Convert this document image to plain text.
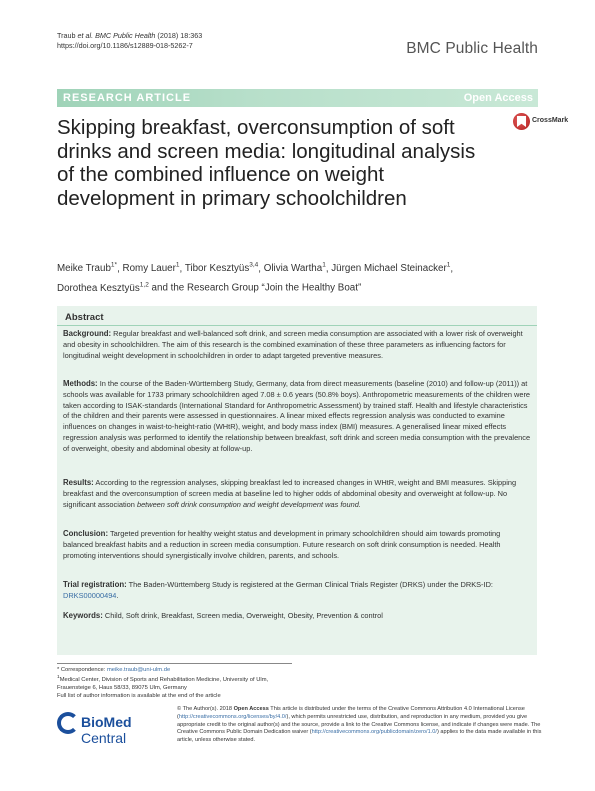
Traub et al. BMC Public Health (2018) 18:363
https://doi.org/10.1186/s12889-018-5262-7	BMC Public Health
RESEARCH ARTICLE	Open Access
Skipping breakfast, overconsumption of soft drinks and screen media: longitudinal analysis of the combined influence on weight development in primary schoolchildren
CrossMark
Meike Traub$^{1*}$, Romy Lauer$^1$, Tibor Kesztyüs$^{3,4}$, Olivia Wartha$^1$, Jürgen Michael Steinacker$^1$,
Dorothea Kesztyüs$^{1,2}$ and the Research Group “Join the Healthy Boat”
Abstract
Background: Regular breakfast and well-balanced soft drink, and screen media consumption are associated with a lower risk of overweight and obesity in schoolchildren. The aim of this research is the combined examination of these three parameters as influencing factors for longitudinal weight development in schoolchildren in order to adapt targeted preventive measures.
Methods: In the course of the Baden-Württemberg Study, Germany, data from direct measurements (baseline (2010) and follow-up (2011)) at schools was available for 1733 primary schoolchildren aged 7.08 ± 0.6 years (50.8% boys). Anthropometric measurements of the children were taken according to ISAK-standards (International Standard for Anthropometric Assessment) by trained staff. Health and lifestyle characteristics of the children and their parents were assessed in questionnaires. A linear mixed effects regression analysis was conducted to examine influences on changes in waist-to-height-ratio (WHtR), weight, and body mass index (BMI) measures. A generalised linear mixed effects regression analysis was performed to identify the relationship between breakfast, soft drink and screen media consumption with the prevalence of overweight, obesity and abdominal obesity at follow-up.
Results: According to the regression analyses, skipping breakfast led to increased changes in WHtR, weight and BMI measures. Skipping breakfast and the overconsumption of screen media at baseline led to higher odds of abdominal obesity and overweight at follow-up. No significant association between soft drink consumption and weight development was found.
Conclusion: Targeted prevention for healthy weight status and development in primary schoolchildren should aim towards promoting balanced breakfast habits and a reduction in screen media consumption. Future research on soft drink consumption is needed. Health promoting interventions should synergistically involve children, parents, and schools.
Trial registration: The Baden-Württemberg Study is registered at the German Clinical Trials Register (DRKS) under the DRKS-ID: DRKS00000494.
Keywords: Child, Soft drink, Breakfast, Screen media, Overweight, Obesity, Prevention & control
* Correspondence: meike.traub@uni-ulm.de
$^1$Medical Center, Division of Sports and Rehabilitation Medicine, University of Ulm, Frauensteige 6, Haus 58/33, 89075 Ulm, Germany
Full list of author information is available at the end of the article
BioMed Central
© The Author(s). 2018 Open Access This article is distributed under the terms of the Creative Commons Attribution 4.0 International License (http://creativecommons.org/licenses/by/4.0/), which permits unrestricted use, distribution, and reproduction in any medium, provided you give appropriate credit to the original author(s) and the source, provide a link to the Creative Commons license, and indicate if changes were made. The Creative Commons Public Domain Dedication waiver (http://creativecommons.org/publicdomain/zero/1.0/) applies to the data made available in this article, unless otherwise stated.
